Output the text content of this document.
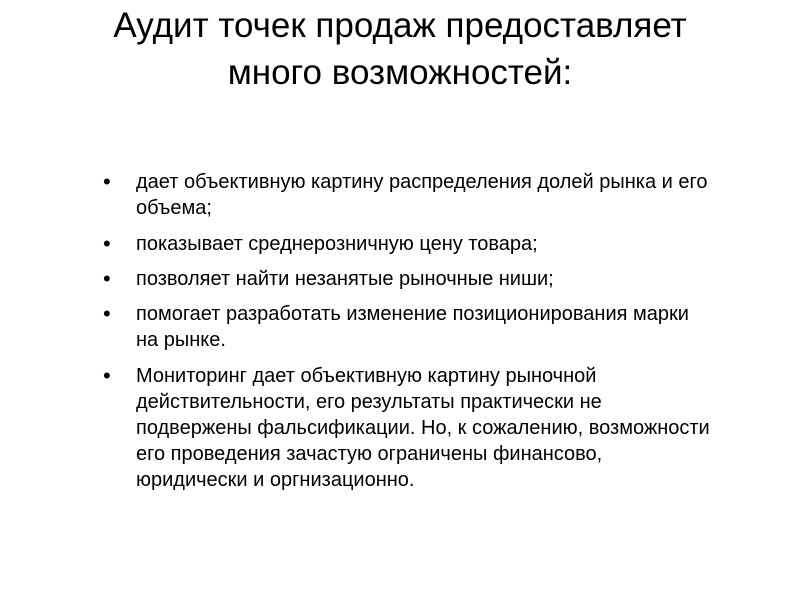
Аудит точек продаж предоставляет много возможностей:
• дает объективную картину распределения долей рынка и его объема;
• показывает среднерозничную цену товара;
• позволяет найти незанятые рыночные ниши;
• помогает разработать изменение позиционирования марки на рынке.
• Мониторинг дает объективную картину рыночной действительности, его результаты практически не подвержены фальсификации. Но, к сожалению, возможности его проведения зачастую ограничены финансово, юридически и оргнизационно.
